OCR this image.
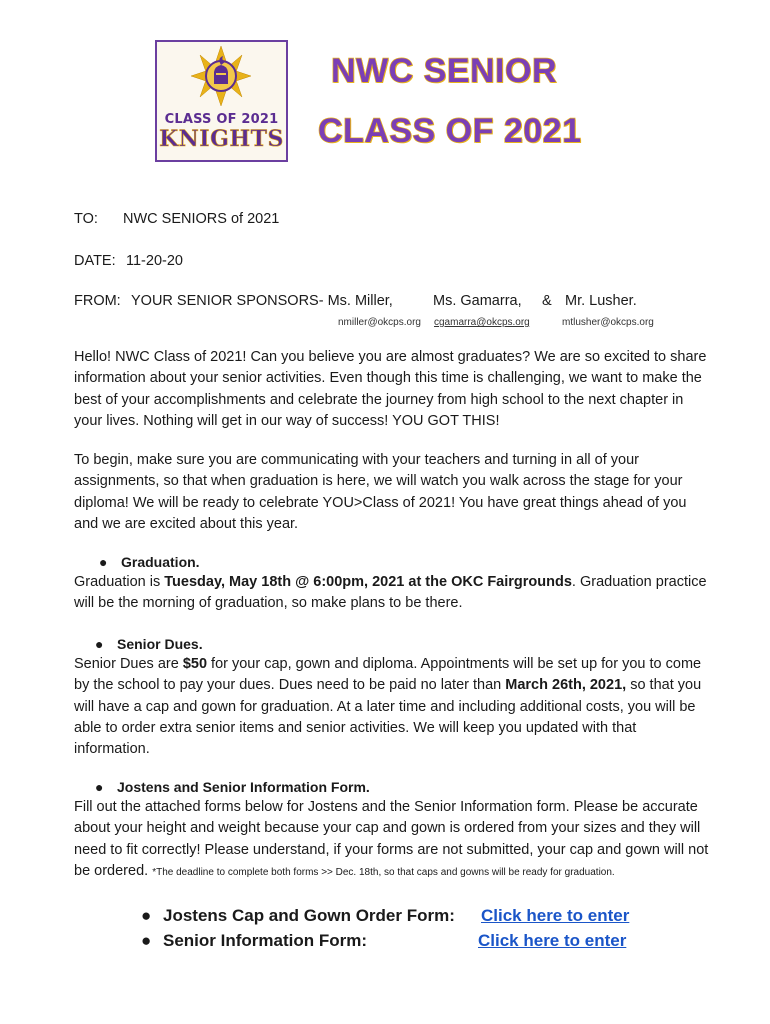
CLASS OF 2021
KNIGHTS
NWC SENIOR
CLASS OF 2021
TO: NWC SENIORS of 2021
DATE: 11-20-20
FROM: YOUR SENIOR SPONSORS- Ms. Miller,	Ms. Gamarra, & Mr. Lusher.
nmiller@okcps.org cgamarra@okcps.org	mtlusher@okcps.org

Hello! NWC Class of 2021! Can you believe you are almost graduates? We are so excited to share information about your senior activities. Even though this time is challenging, we want to make the best of your accomplishments and celebrate the journey from high school to the next chapter in your lives. Nothing will get in our way of success! YOU GOT THIS!

To begin, make sure you are communicating with your teachers and turning in all of your assignments, so that when graduation is here, we will watch you walk across the stage for your diploma! We will be ready to celebrate YOU>Class of 2021! You have great things ahead of you and we are excited about this year.

● Graduation.

Graduation is Tuesday, May 18th @ 6:00pm, 2021 at the OKC Fairgrounds. Graduation practice will be the morning of graduation, so make plans to be there.

● Senior Dues.

Senior Dues are $50 for your cap, gown and diploma. Appointments will be set up for you to come by the school to pay your dues. Dues need to be paid no later than March 26th, 2021, so that you will have a cap and gown for graduation. At a later time and including additional costs, you will be able to order extra senior items and senior activities. We will keep you updated with that information.

● Jostens and Senior Information Form.

Fill out the attached forms below for Jostens and the Senior Information form. Please be accurate about your height and weight because your cap and gown is ordered from your sizes and they will need to fit correctly! Please understand, if your forms are not submitted, your cap and gown will not be ordered. *The deadline to complete both forms >> Dec. 18th, so that caps and gowns will be ready for graduation.

● Jostens Cap and Gown Order Form: Click here to enter
● Senior Information Form:	Click here to enter
